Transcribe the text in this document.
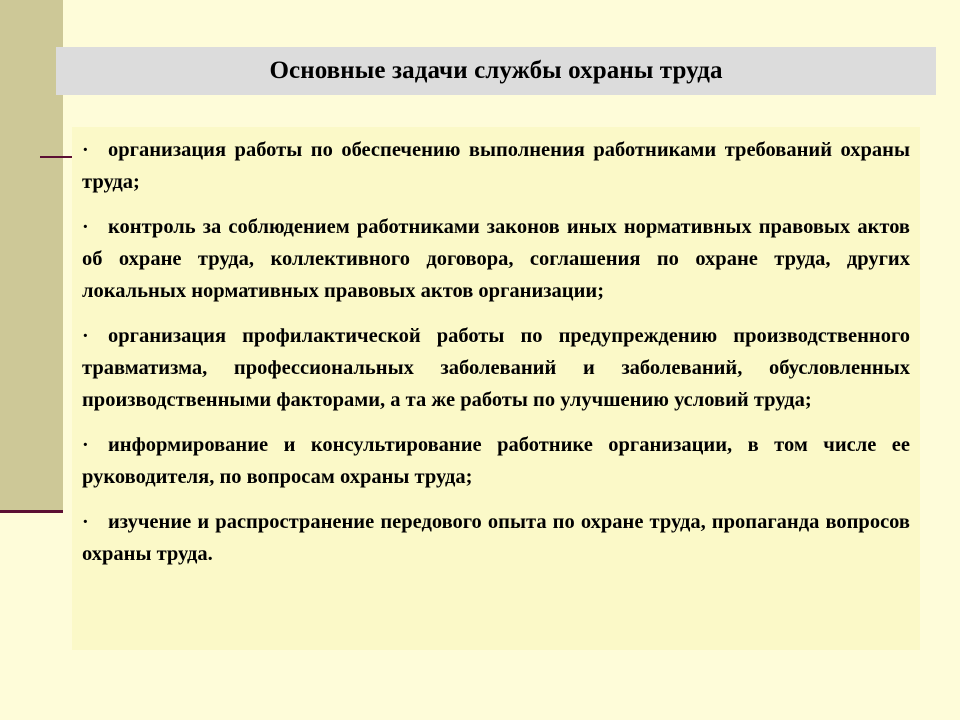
Основные задачи службы охраны труда

· организация работы по обеспечению выполнения работниками требований охраны труда;

· контроль за соблюдением работниками законов иных нормативных правовых актов об охране труда, коллективного договора, соглашения по охране труда, других локальных нормативных правовых актов организации;

· организация профилактической работы по предупреждению производственного травматизма, профессиональных заболеваний и заболеваний, обусловленных производственными факторами, а та же работы по улучшению условий труда;

· информирование и консультирование работнике организации, в том числе ее руководителя, по вопросам охраны труда;

· изучение и распространение передового опыта по охране труда, пропаганда вопросов охраны труда.
